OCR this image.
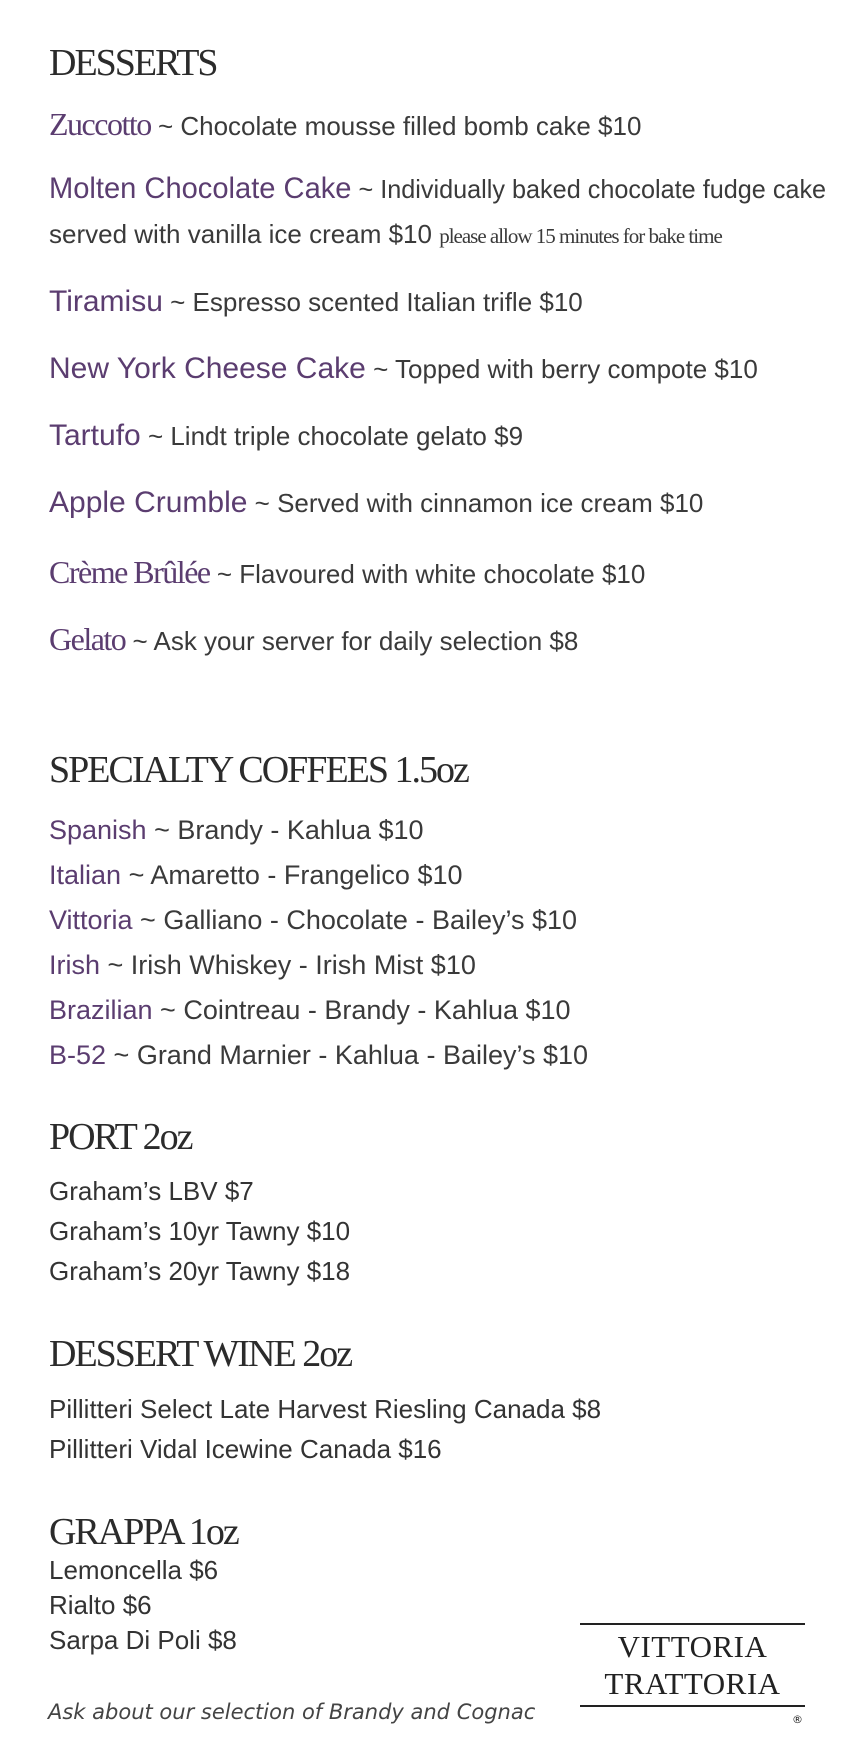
DESSERTS

Zuccotto ~ Chocolate mousse filled bomb cake $10

Molten Chocolate Cake ~ Individually baked chocolate fudge cake

served with vanilla ice cream $10 please allow 15 minutes for bake time

Tiramisu ~ Espresso scented Italian trifle $10

New York Cheese Cake ~ Topped with berry compote $10

Tartufo ~ Lindt triple chocolate gelato $9

Apple Crumble ~ Served with cinnamon ice cream $10

Crème Brûlée ~ Flavoured with white chocolate $10

Gelato ~ Ask your server for daily selection $8

SPECIALTY COFFEES 1.5oz

Spanish ~ Brandy - Kahlua $10

Italian ~ Amaretto - Frangelico $10

Vittoria ~ Galliano - Chocolate - Bailey’s $10

Irish ~ Irish Whiskey - Irish Mist $10

Brazilian ~ Cointreau - Brandy - Kahlua $10

B-52 ~ Grand Marnier - Kahlua - Bailey’s $10

PORT 2oz

Graham’s LBV $7

Graham’s 10yr Tawny $10

Graham’s 20yr Tawny $18

DESSERT WINE 2oz

Pillitteri Select Late Harvest Riesling Canada $8

Pillitteri Vidal Icewine Canada $16

GRAPPA 1oz

Lemoncella $6

Rialto $6

Sarpa Di Poli $8

Ask about our selection of Brandy and Cognac

VITTORIA
TRATTORIA
®
